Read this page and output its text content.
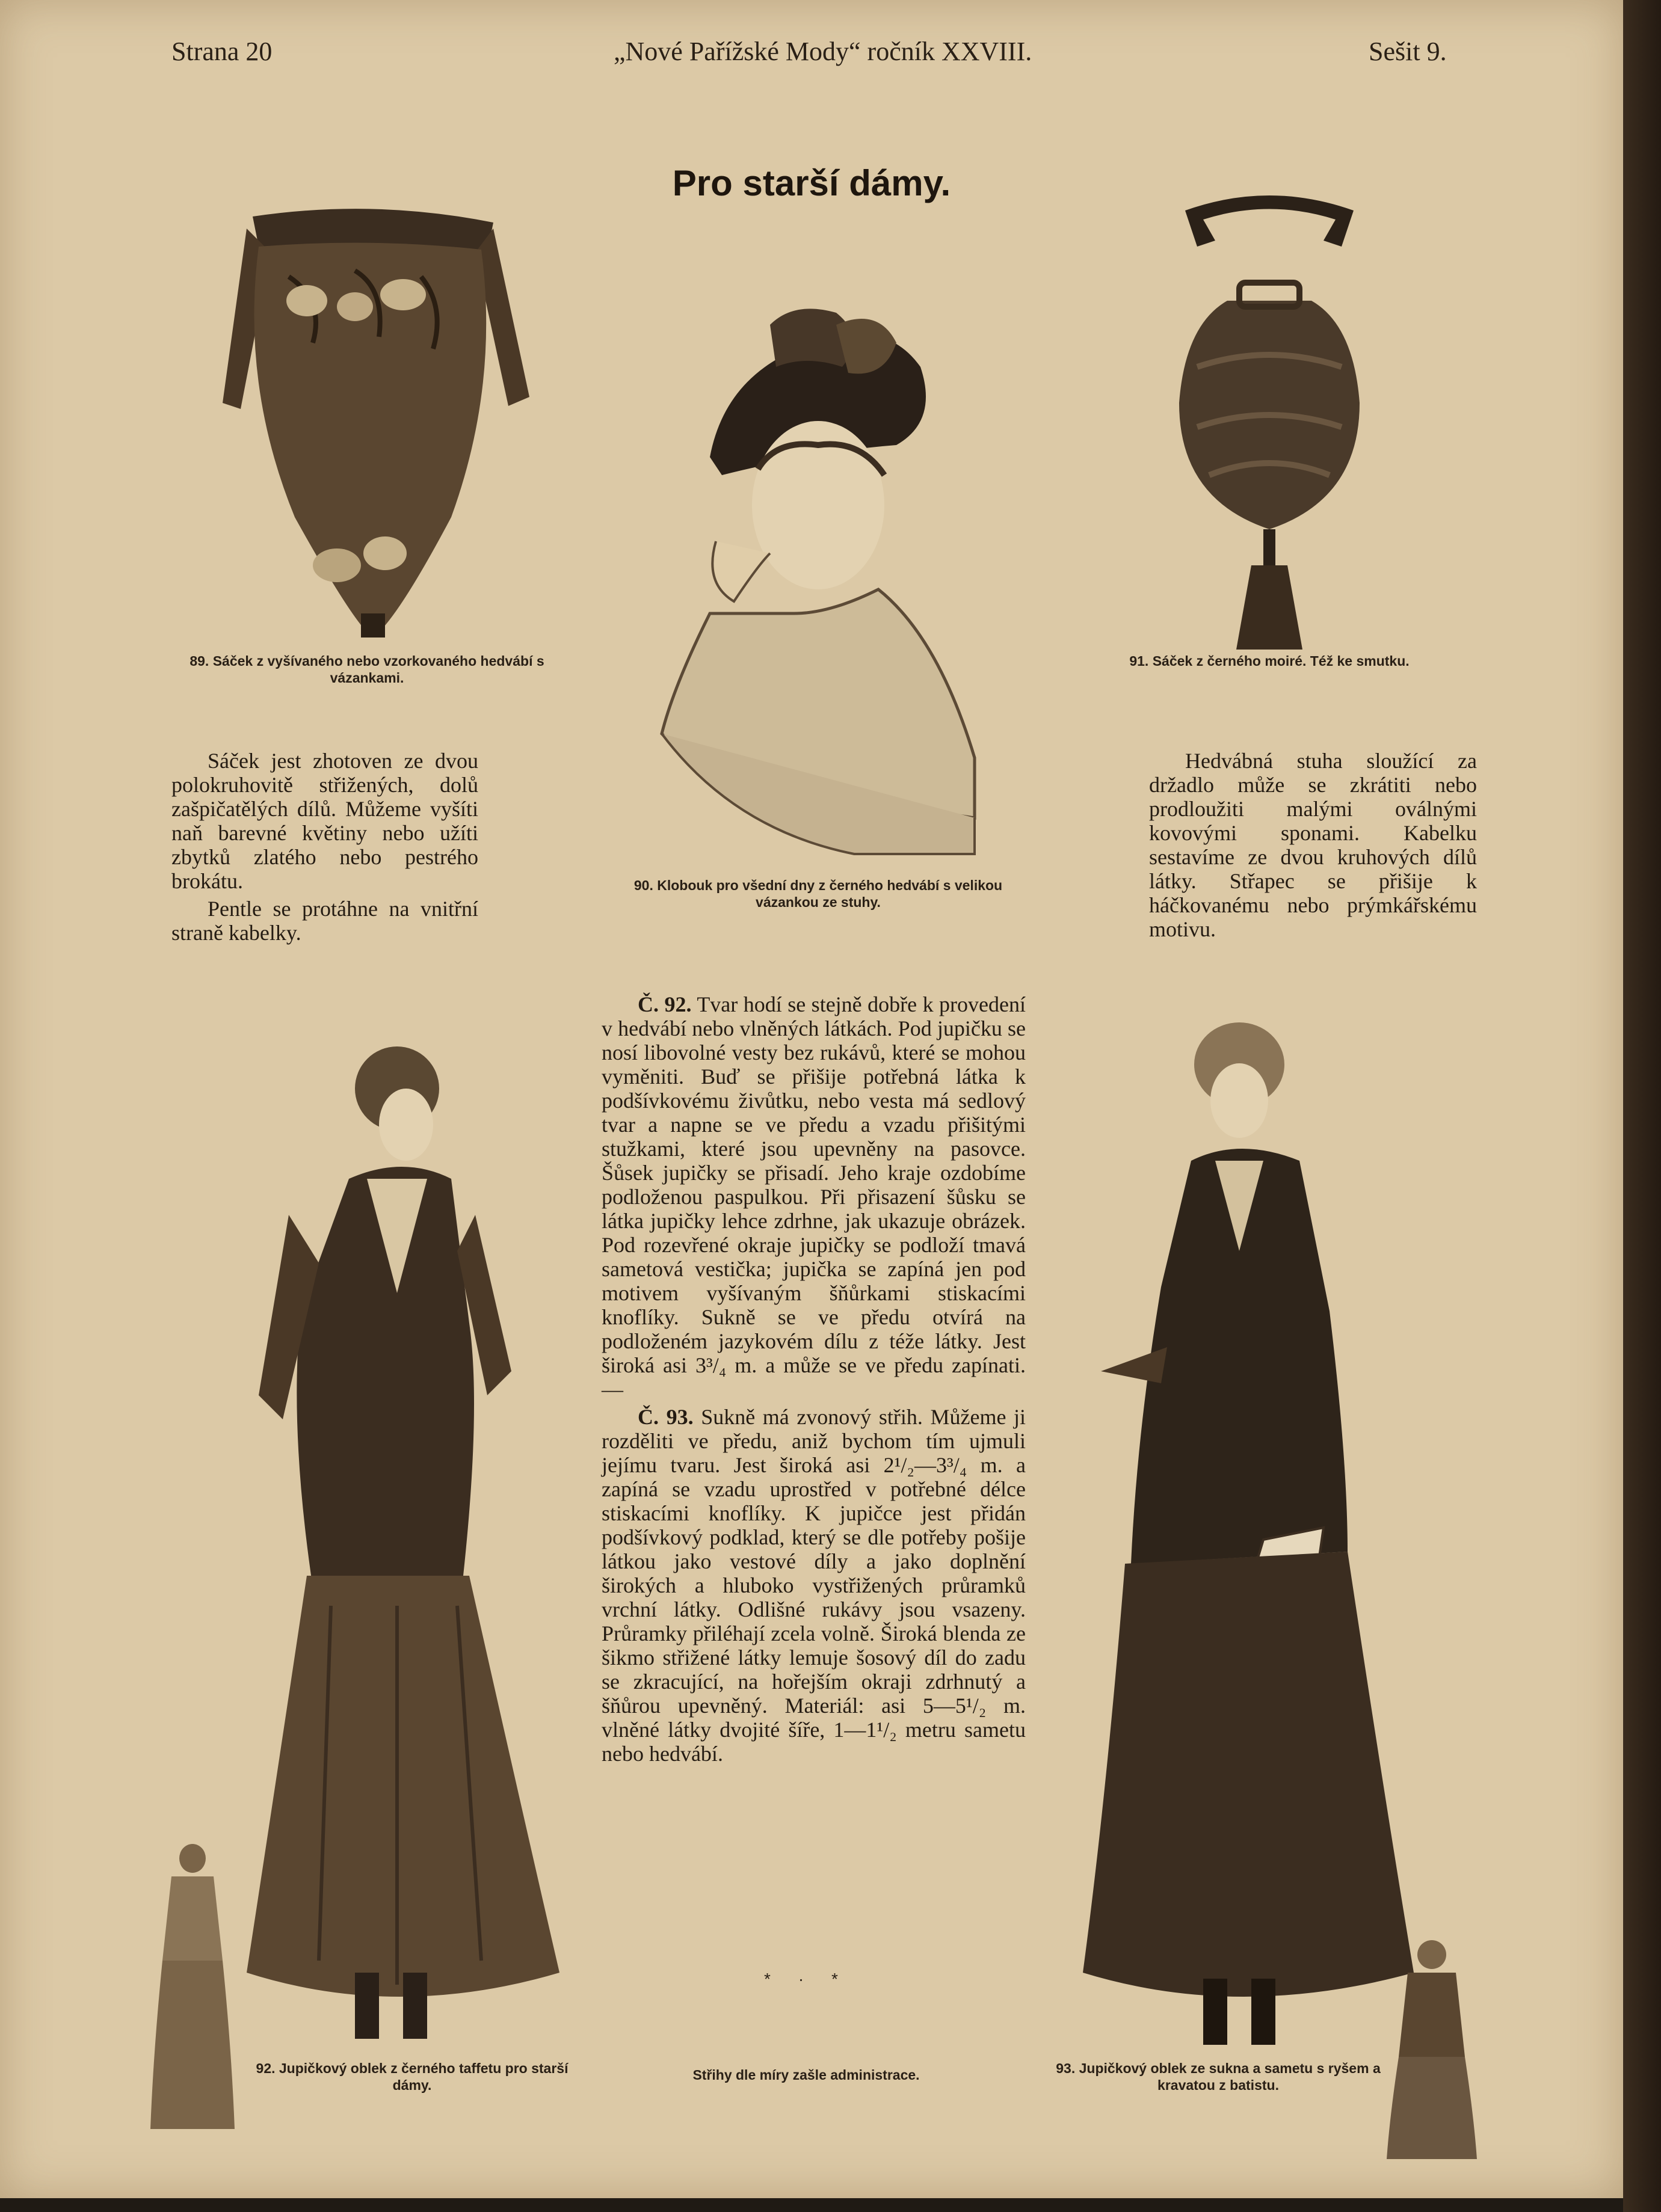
Strana 20	„Nové Pařížské Mody“ ročník XXVIII.	Sešit 9.
Pro starší dámy.
89. Sáček z vyšívaného nebo vzorkovaného hedvábí s vázankami.
90. Klobouk pro všední dny z černého hedvábí s velikou vázankou ze stuhy.
91. Sáček z černého moiré. Též ke smutku.

Sáček jest zhotoven ze dvou polokruhovitě střižených, dolů zašpičatělých dílů. Můžeme vyšíti naň barevné květiny nebo užíti zbytků zlatého nebo pestrého brokátu.

Pentle se protáhne na vnitřní straně kabelky.

Hedvábná stuha sloužící za držadlo může se zkrátiti nebo prodloužiti malými oválnými kovovými sponami. Kabelku sestavíme ze dvou kruhových dílů látky. Střapec se přišije k háčkovanému nebo prýmkářskému motivu.

Č. 92. Tvar hodí se stejně dobře k provedení v hedvábí nebo vlněných látkách. Pod jupičku se nosí libovolné vesty bez rukávů, které se mohou vyměniti. Buď se přišije potřebná látka k podšívkovému živůtku, nebo vesta má sedlový tvar a napne se ve předu a vzadu přišitými stužkami, které jsou upevněny na pasovce. Šůsek jupičky se přisadí. Jeho kraje ozdobíme podloženou paspulkou. Při přisazení šůsku se látka jupičky lehce zdrhne, jak ukazuje obrázek. Pod rozevřené okraje jupičky se podloží tmavá sametová vestička; jupička se zapíná jen pod motivem vyšívaným šňůrkami stiskacími knoflíky. Sukně se ve předu otvírá na podloženém jazykovém dílu z téže látky. Jest široká asi 3³/₄ m. a může se ve předu zapínati. —

Č. 93. Sukně má zvonový střih. Můžeme ji rozděliti ve předu, aniž bychom tím ujmuli jejímu tvaru. Jest široká asi 2¹/₂—3³/₄ m. a zapíná se vzadu uprostřed v potřebné délce stiskacími knoflíky. K jupičce jest přidán podšívkový podklad, který se dle potřeby pošije látkou jako vestové díly a jako doplnění širokých a hluboko vystřižených průramků vrchní látky. Odlišné rukávy jsou vsazeny. Průramky přiléhají zcela volně. Široká blenda ze šikmo střižené látky lemuje šosový díl do zadu se zkracující, na hořejším okraji zdrhnutý a šňůrou upevněný. Materiál: asi 5—5¹/₂ m. vlněné látky dvojité šíře, 1—1¹/₂ metru sametu nebo hedvábí.

*      ∙      *
92. Jupičkový oblek z černého taffetu pro starší dámy.
93. Jupičkový oblek ze sukna a sametu s ryšem a kravatou z batistu.
Střihy dle míry zašle administrace.
